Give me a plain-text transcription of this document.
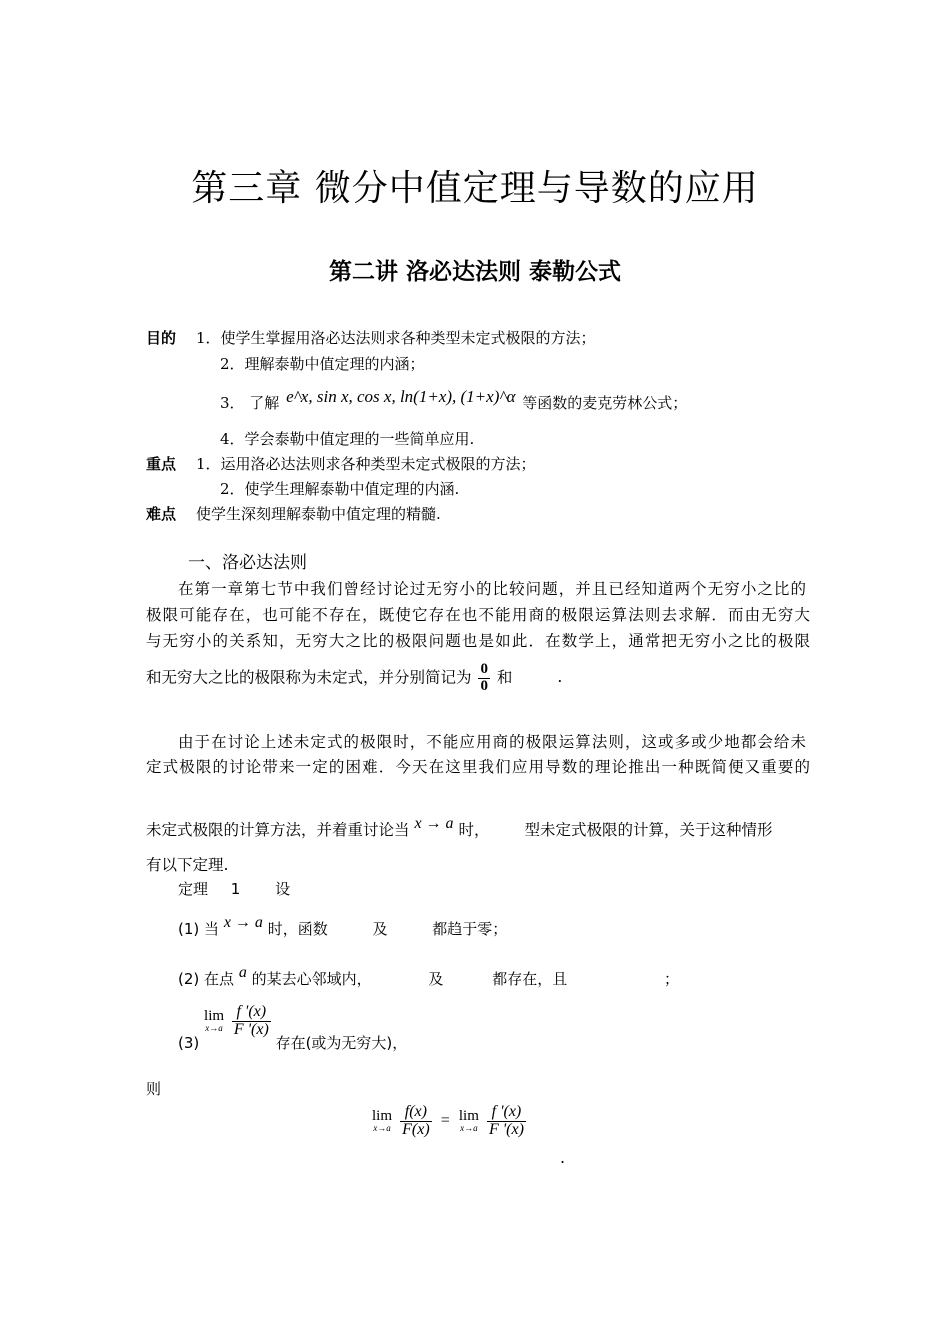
第三章 微分中值定理与导数的应用
第二讲 洛必达法则 泰勒公式
目的 1．使学生掌握用洛必达法则求各种类型未定式极限的方法；
2．理解泰勒中值定理的内涵；
3． 了解 e^x, sin x, cos x, ln(1+x), (1+x)^α 等函数的麦克劳林公式；
4．学会泰勒中值定理的一些简单应用.
重点 1．运用洛必达法则求各种类型未定式极限的方法；
2．使学生理解泰勒中值定理的内涵.
难点 使学生深刻理解泰勒中值定理的精髓.
一、洛必达法则
在第一章第七节中我们曾经讨论过无穷小的比较问题，并且已经知道两个无穷小之比的
极限可能存在，也可能不存在，既使它存在也不能用商的极限运算法则去求解．而由无穷大
与无穷小的关系知，无穷大之比的极限问题也是如此．在数学上，通常把无穷小之比的极限
和无穷大之比的极限称为未定式，并分别简记为 $\frac{0}{0}$ 和	.
由于在讨论上述未定式的极限时，不能应用商的极限运算法则，这或多或少地都会给未
定式极限的讨论带来一定的困难．今天在这里我们应用导数的理论推出一种既简便又重要的
未定式极限的计算方法，并着重讨论当 x → a 时， 型未定式极限的计算，关于这种情形
有以下定理.
定理 1 设
(1) 当 x → a 时，函数	及	都趋于零；
(2) 在点 a 的某去心邻域内，	及	都存在，且	；
(3)
lim
x→a
$\frac{f '(x)}{F '(x)}$
存在(或为无穷大)，
则
lim
x→a
$\frac{f(x)}{F(x)} = \lim$
x→a
$\frac{f '(x)}{F '(x)}$
.
